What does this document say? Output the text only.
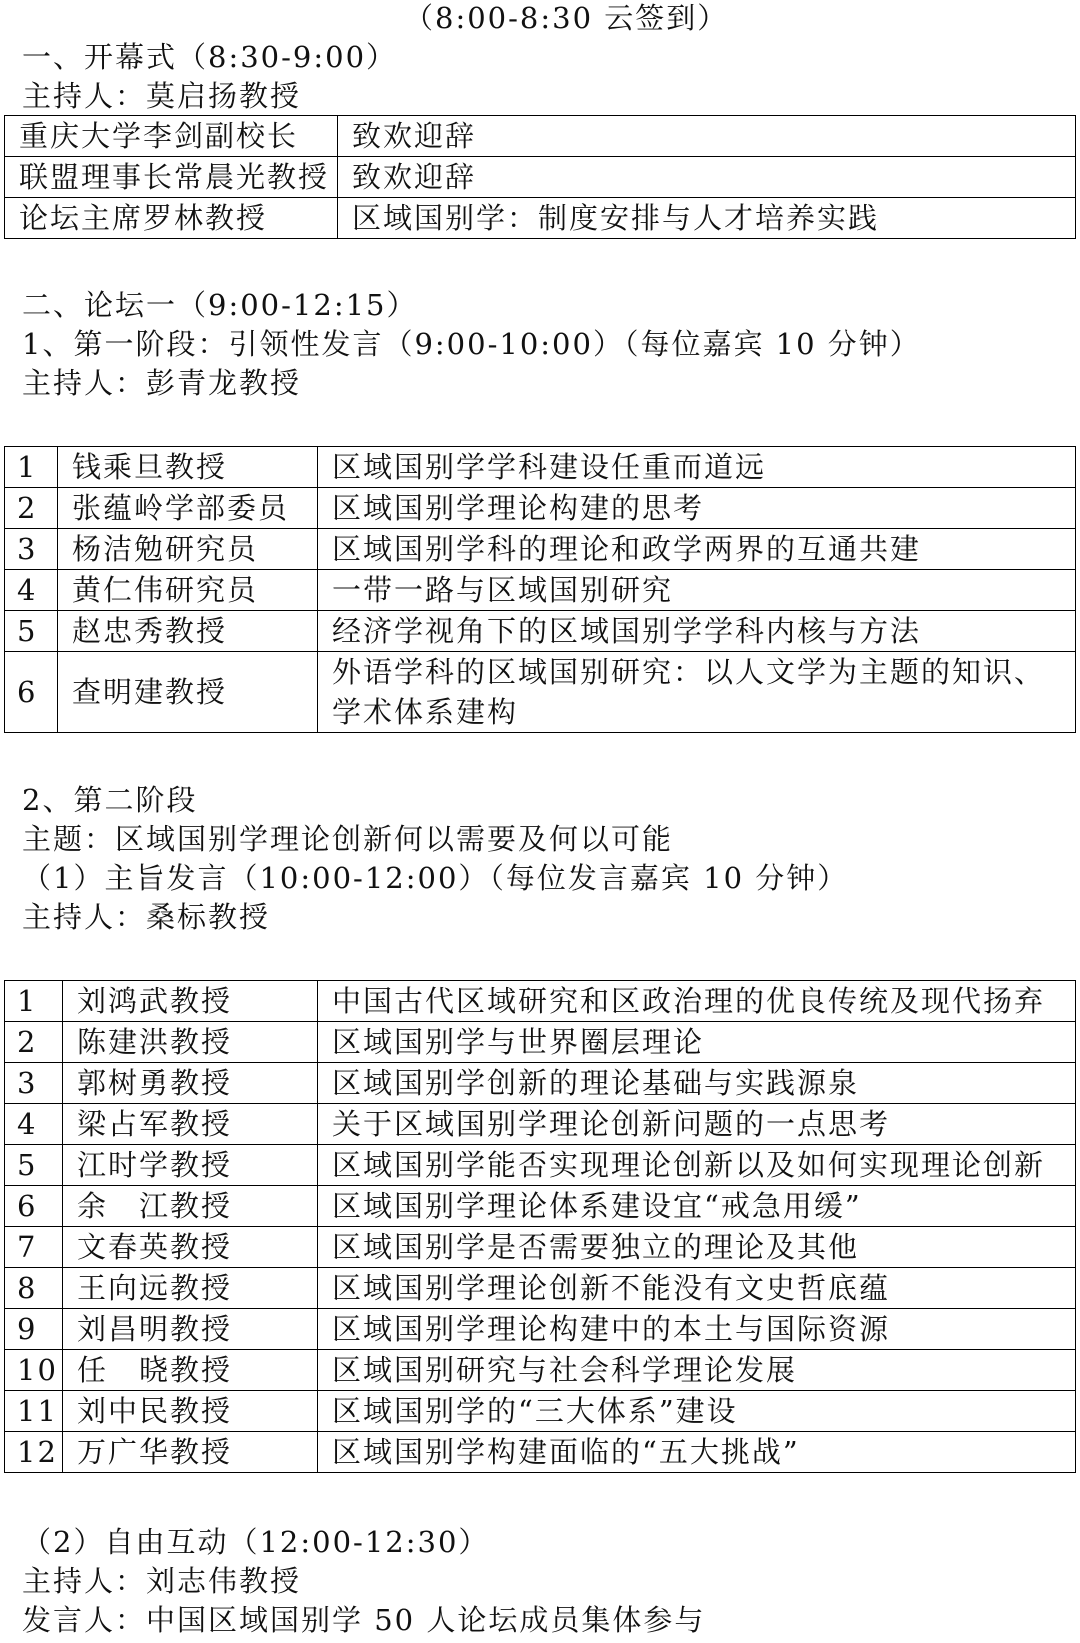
（8:00-8:30 云签到）
一、开幕式（8:30-9:00）
主持人：莫启扬教授
重庆大学李剑副校长	致欢迎辞
联盟理事长常晨光教授	致欢迎辞
论坛主席罗林教授	区域国别学：制度安排与人才培养实践
二、论坛一（9:00-12:15）
1、第一阶段：引领性发言（9:00-10:00）（每位嘉宾 10 分钟）
主持人：彭青龙教授
1	钱乘旦教授	区域国别学学科建设任重而道远
2	张蕴岭学部委员	区域国别学理论构建的思考
3	杨洁勉研究员	区域国别学科的理论和政学两界的互通共建
4	黄仁伟研究员	一带一路与区域国别研究
5	赵忠秀教授	经济学视角下的区域国别学学科内核与方法
6	查明建教授	外语学科的区域国别研究：以人文学为主题的知识、学术体系建构
2、第二阶段
主题：区域国别学理论创新何以需要及何以可能
（1）主旨发言（10:00-12:00）（每位发言嘉宾 10 分钟）
主持人：桑标教授
1	刘鸿武教授	中国古代区域研究和区政治理的优良传统及现代扬弃
2	陈建洪教授	区域国别学与世界圈层理论
3	郭树勇教授	区域国别学创新的理论基础与实践源泉
4	梁占军教授	关于区域国别学理论创新问题的一点思考
5	江时学教授	区域国别学能否实现理论创新以及如何实现理论创新
6	余　江教授	区域国别学理论体系建设宜“戒急用缓”
7	文春英教授	区域国别学是否需要独立的理论及其他
8	王向远教授	区域国别学理论创新不能没有文史哲底蕴
9	刘昌明教授	区域国别学理论构建中的本土与国际资源
10	任　晓教授	区域国别研究与社会科学理论发展
11	刘中民教授	区域国别学的“三大体系”建设
12	万广华教授	区域国别学构建面临的“五大挑战”
（2）自由互动（12:00-12:30）
主持人：刘志伟教授
发言人：中国区域国别学 50 人论坛成员集体参与
